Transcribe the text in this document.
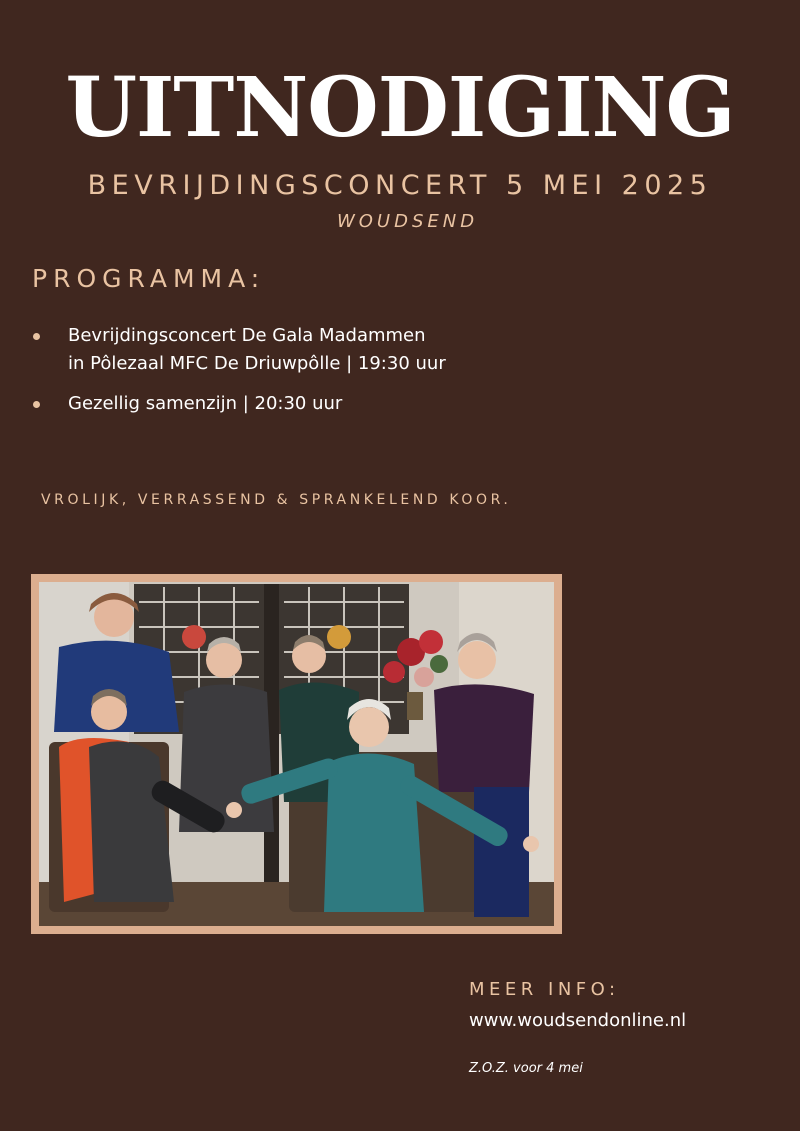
UITNODIGING
BEVRIJDINGSCONCERT 5 MEI 2025
WOUDSEND
PROGRAMMA:
Bevrijdingsconcert De Gala Madammen
in Pôlezaal MFC De Driuwpôlle | 19:30 uur
Gezellig samenzijn | 20:30 uur
VROLIJK, VERRASSEND & SPRANKELEND KOOR.
MEER INFO:
www.woudsendonline.nl
Z.O.Z. voor 4 mei
